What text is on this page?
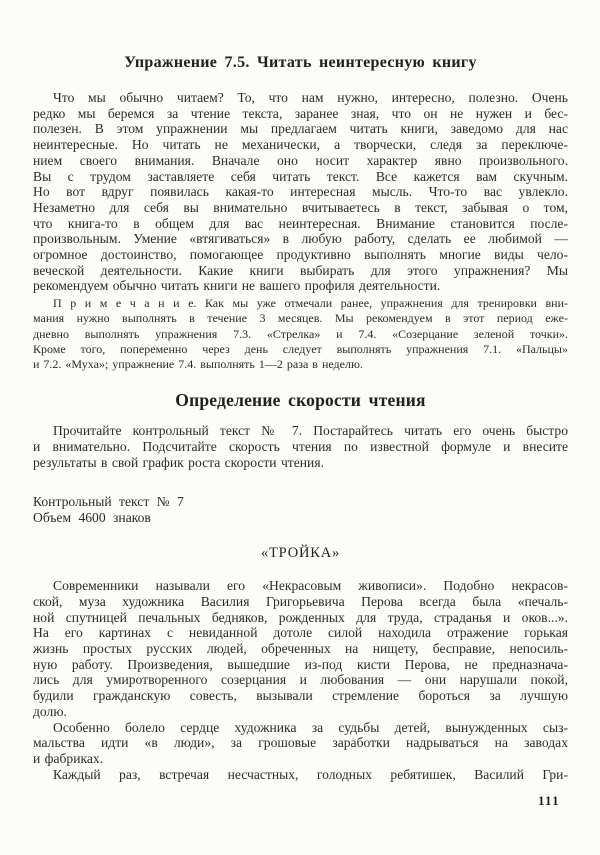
Упражнение 7.5. Читать неинтересную книгу
Что мы обычно читаем? То, что нам нужно, интересно, полезно. Очень
редко мы беремся за чтение текста, заранее зная, что он не нужен и бес-
полезен. В этом упражнении мы предлагаем читать книги, заведомо для нас
неинтересные. Но читать не механически, а творчески, следя за переключе-
нием своего внимания. Вначале оно носит характер явно произвольного.
Вы с трудом заставляете себя читать текст. Все кажется вам скучным.
Но вот вдруг появилась какая-то интересная мысль. Что-то вас увлекло.
Незаметно для себя вы внимательно вчитываетесь в текст, забывая о том,
что книга-то в общем для вас неинтересная. Внимание становится после-
произвольным. Умение «втягиваться» в любую работу, сделать ее любимой —
огромное достоинство, помогающее продуктивно выполнять многие виды чело-
веческой деятельности. Какие книги выбирать для этого упражнения? Мы
рекомендуем обычно читать книги не вашего профиля деятельности.
П р и м е ч а н и е. Как мы уже отмечали ранее, упражнения для тренировки вни-
мания нужно выполнять в течение 3 месяцев. Мы рекомендуем в этот период еже-
дневно выполнять упражнения 7.3. «Стрелка» и 7.4. «Созерцание зеленой точки».
Кроме того, попеременно через день следует выполнять упражнения 7.1. «Пальцы»
и 7.2. «Муха»; упражнение 7.4. выполнять 1—2 раза в неделю.
Определение скорости чтения
Прочитайте контрольный текст № 7. Постарайтесь читать его очень быстро
и внимательно. Подсчитайте скорость чтения по известной формуле и внесите
результаты в свой график роста скорости чтения.
Контрольный текст № 7
Объем 4600 знаков
«ТРОЙКА»
Современники называли его «Некрасовым живописи». Подобно некрасов-
ской, муза художника Василия Григорьевича Перова всегда была «печаль-
ной спутницей печальных бедняков, рожденных для труда, страданья и оков...».
На его картинах с невиданной дотоле силой находила отражение горькая
жизнь простых русских людей, обреченных на нищету, бесправие, непосиль-
ную работу. Произведения, вышедшие из-под кисти Перова, не предназнача-
лись для умиротворенного созерцания и любования — они нарушали покой,
будили гражданскую совесть, вызывали стремление бороться за лучшую
долю.
Особенно болело сердце художника за судьбы детей, вынужденных сыз-
мальства идти «в люди», за грошовые заработки надрываться на заводах
и фабриках.
Каждый раз, встречая несчастных, голодных ребятишек, Василий Гри-
111
